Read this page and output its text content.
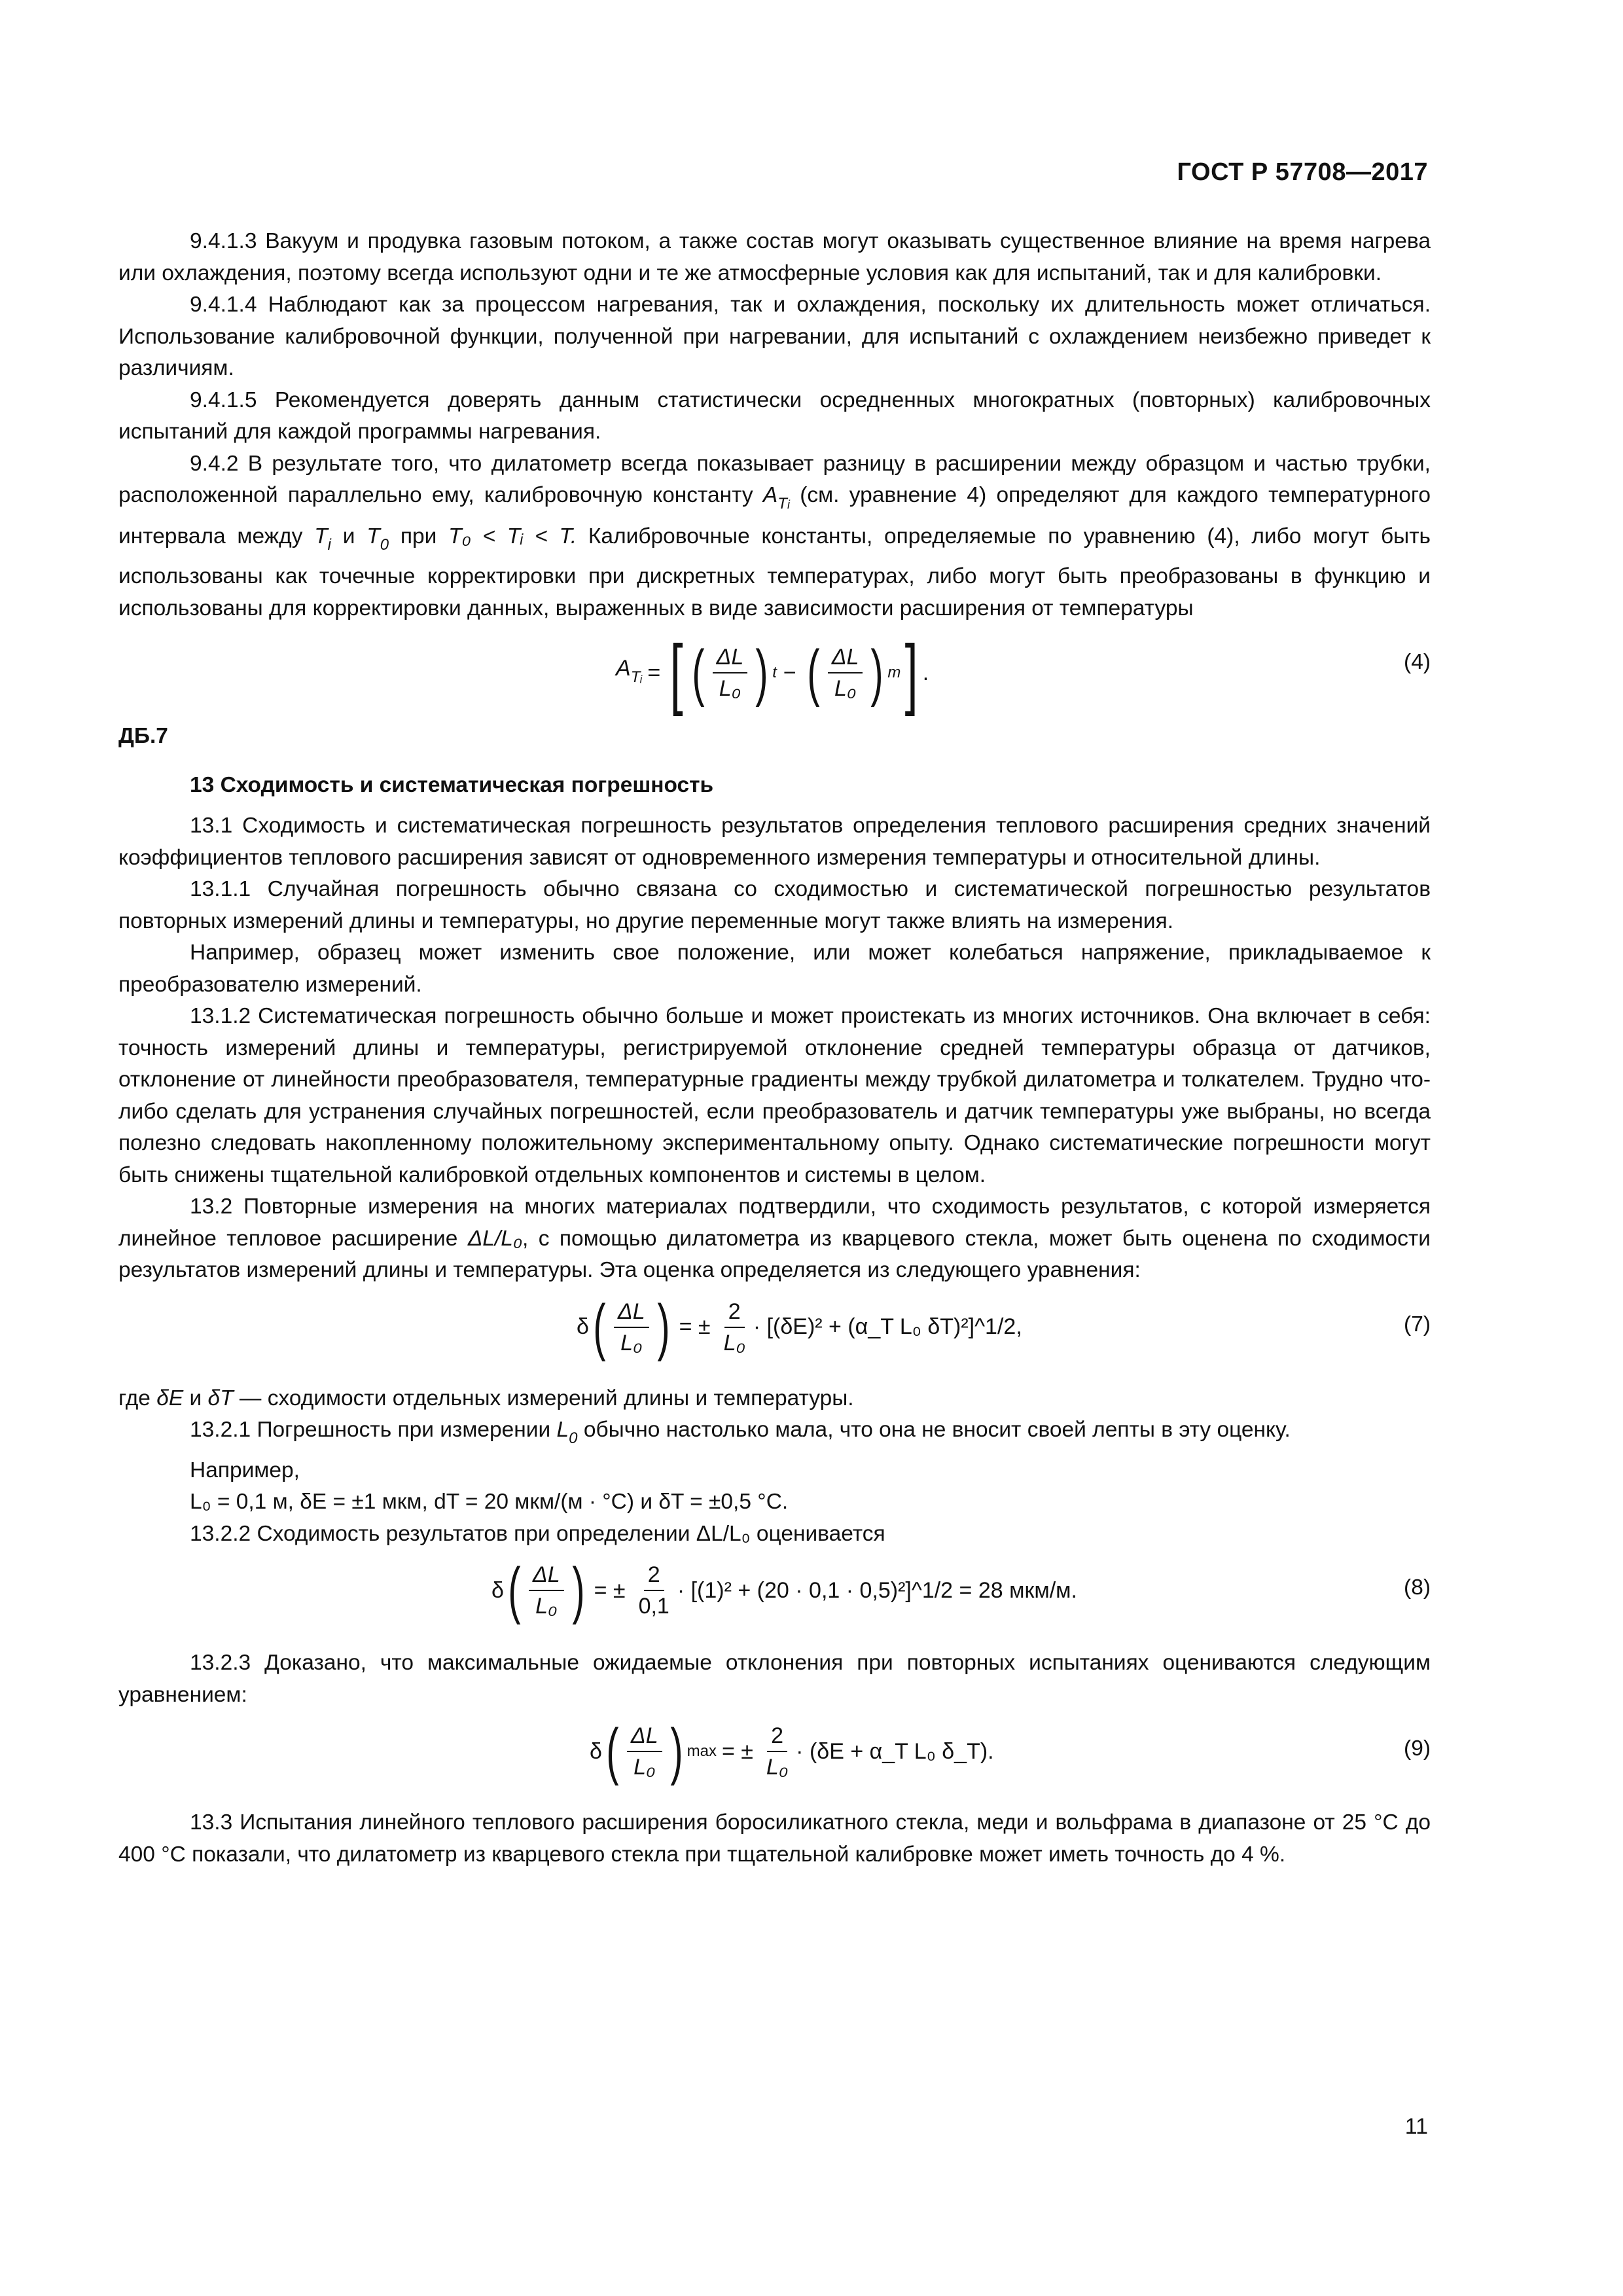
ГОСТ Р 57708—2017

9.4.1.3 Вакуум и продувка газовым потоком, а также состав могут оказывать существенное влияние на время нагрева или охлаждения, поэтому всегда используют одни и те же атмосферные условия как для испытаний, так и для калибровки.

9.4.1.4 Наблюдают как за процессом нагревания, так и охлаждения, поскольку их длительность может отличаться. Использование калибровочной функции, полученной при нагревании, для испытаний с охлаждением неизбежно приведет к различиям.

9.4.1.5 Рекомендуется доверять данным статистически осредненных многократных (повторных) калибровочных испытаний для каждой программы нагревания.

9.4.2 В результате того, что дилатометр всегда показывает разницу в расширении между образцом и частью трубки, расположенной параллельно ему, калибровочную константу $A_{Ti}$ (см. уравнение 4) определяют для каждого температурного интервала между $T_i$ и $T_0$ при T₀ < Tᵢ < T. Калибровочные константы, определяемые по уравнению (4), либо могут быть использованы как точечные корректировки при дискретных температурах, либо могут быть преобразованы в функцию и использованы для корректировки данных, выраженных в виде зависимости расширения от температуры

$A_{Tᵢ}$ = [ ( $\frac{\Delta L}{\text{L₀}}$ ) t − ( $\frac{\Delta L}{\text{L₀}}$ ) m ] .	(4)

ДБ.7

13 Сходимость и систематическая погрешность

13.1 Сходимость и систематическая погрешность результатов определения теплового расширения средних значений коэффициентов теплового расширения зависят от одновременного измерения температуры и относительной длины.

13.1.1 Случайная погрешность обычно связана со сходимостью и систематической погрешностью результатов повторных измерений длины и температуры, но другие переменные могут также влиять на измерения.

Например, образец может изменить свое положение, или может колебаться напряжение, прикладываемое к преобразователю измерений.

13.1.2 Систематическая погрешность обычно больше и может проистекать из многих источников. Она включает в себя: точность измерений длины и температуры, регистрируемой отклонение средней температуры образца от датчиков, отклонение от линейности преобразователя, температурные градиенты между трубкой дилатометра и толкателем. Трудно что-либо сделать для устранения случайных погрешностей, если преобразователь и датчик температуры уже выбраны, но всегда полезно следовать накопленному положительному экспериментальному опыту. Однако систематические погрешности могут быть снижены тщательной калибровкой отдельных компонентов и системы в целом.

13.2 Повторные измерения на многих материалах подтвердили, что сходимость результатов, с которой измеряется линейное тепловое расширение ΔL/L₀, с помощью дилатометра из кварцевого стекла, может быть оценена по сходимости результатов измерений длины и температуры. Эта оценка определяется из следующего уравнения:

δ ( $\frac{\Delta L}{\text{L₀}}$ ) = ± $\frac{2}{\text{L₀}} \cdot [(\delta E)^2$ + (α_T L₀ δT)²]^1/2,	(7)

где δE и δT — сходимости отдельных измерений длины и температуры.

13.2.1 Погрешность при измерении $L_0$ обычно настолько мала, что она не вносит своей лепты в эту оценку.

Например,

L₀ = 0,1 м, δE = ±1 мкм, dT = 20 мкм/(м · °C) и δT = ±0,5 °C.

13.2.2 Сходимость результатов при определении ΔL/L₀ оценивается

δ ( $\frac{\Delta L}{\text{L₀}}$ ) = ± $\frac{2}{0,1} \cdot [(1)^2 + (20 \cdot 0,1$ · 0,5)²]^1/2 = 28 мкм/м.	(8)

13.2.3 Доказано, что максимальные ожидаемые отклонения при повторных испытаниях оцениваются следующим уравнением:

δ ( $\frac{\Delta L}{\text{L₀}}$ ) max = ± $\frac{2}{\text{L₀}} \cdot (\delta E$ + α_T L₀ δ_T).	(9)

13.3 Испытания линейного теплового расширения боросиликатного стекла, меди и вольфрама в диапазоне от 25 °С до 400 °С показали, что дилатометр из кварцевого стекла при тщательной калибровке может иметь точность до 4 %.

11
